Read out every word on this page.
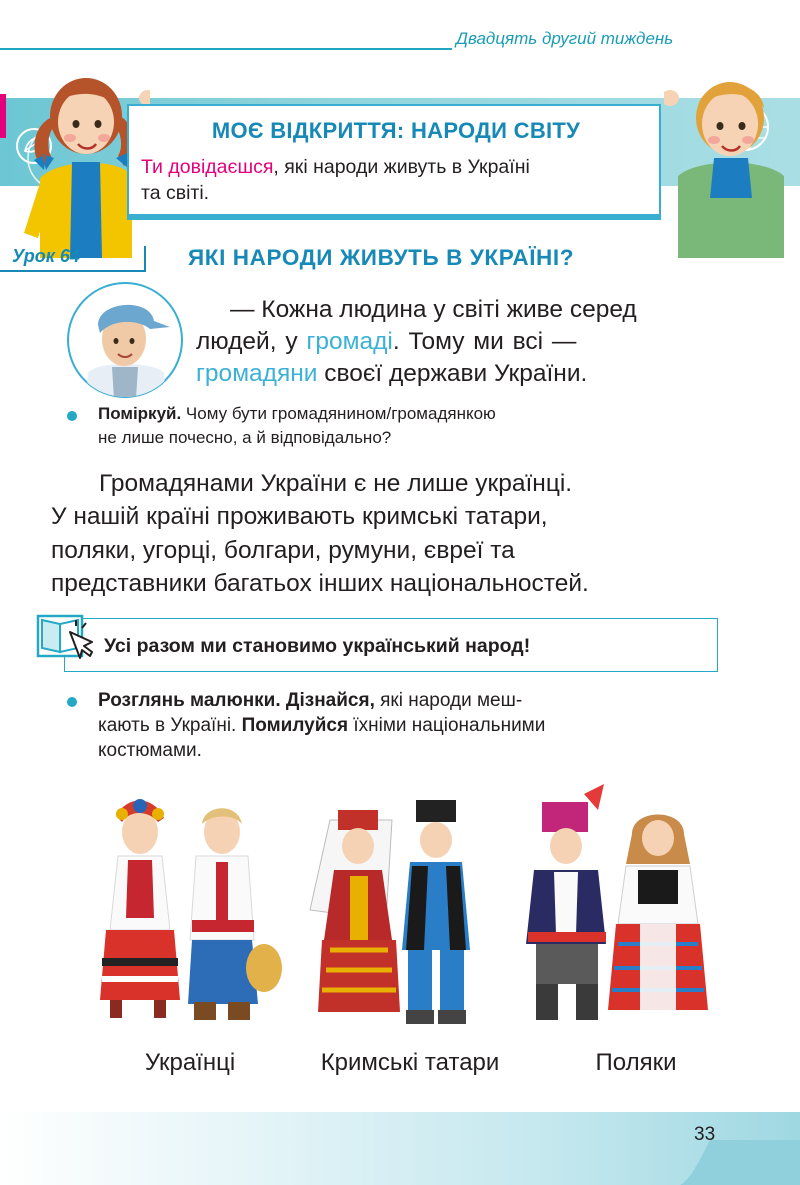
Двадцять другий тиждень
МОЄ ВІДКРИТТЯ: НАРОДИ СВІТУ
Ти довідаєшся, які народи живуть в Україні
та світі.
Урок 64	ЯКІ НАРОДИ ЖИВУТЬ В УКРАЇНІ?
— Кожна людина у світі живе серед
людей, у громаді. Тому ми всі —
громадяни своєї держави України.
Поміркуй. Чому бути громадянином/громадянкою
не лише почесно, а й відповідально?
Громадянами України є не лише українці.
У нашій країні проживають кримські татари,
поляки, угорці, болгари, румуни, євреї та
представники багатьох інших національностей.
Усі разом ми становимо український народ!
Розглянь малюнки. Дізнайся, які народи меш-
кають в Україні. Помилуйся їхніми національними
костюмами.
Українці	Кримські татари	Поляки
33
